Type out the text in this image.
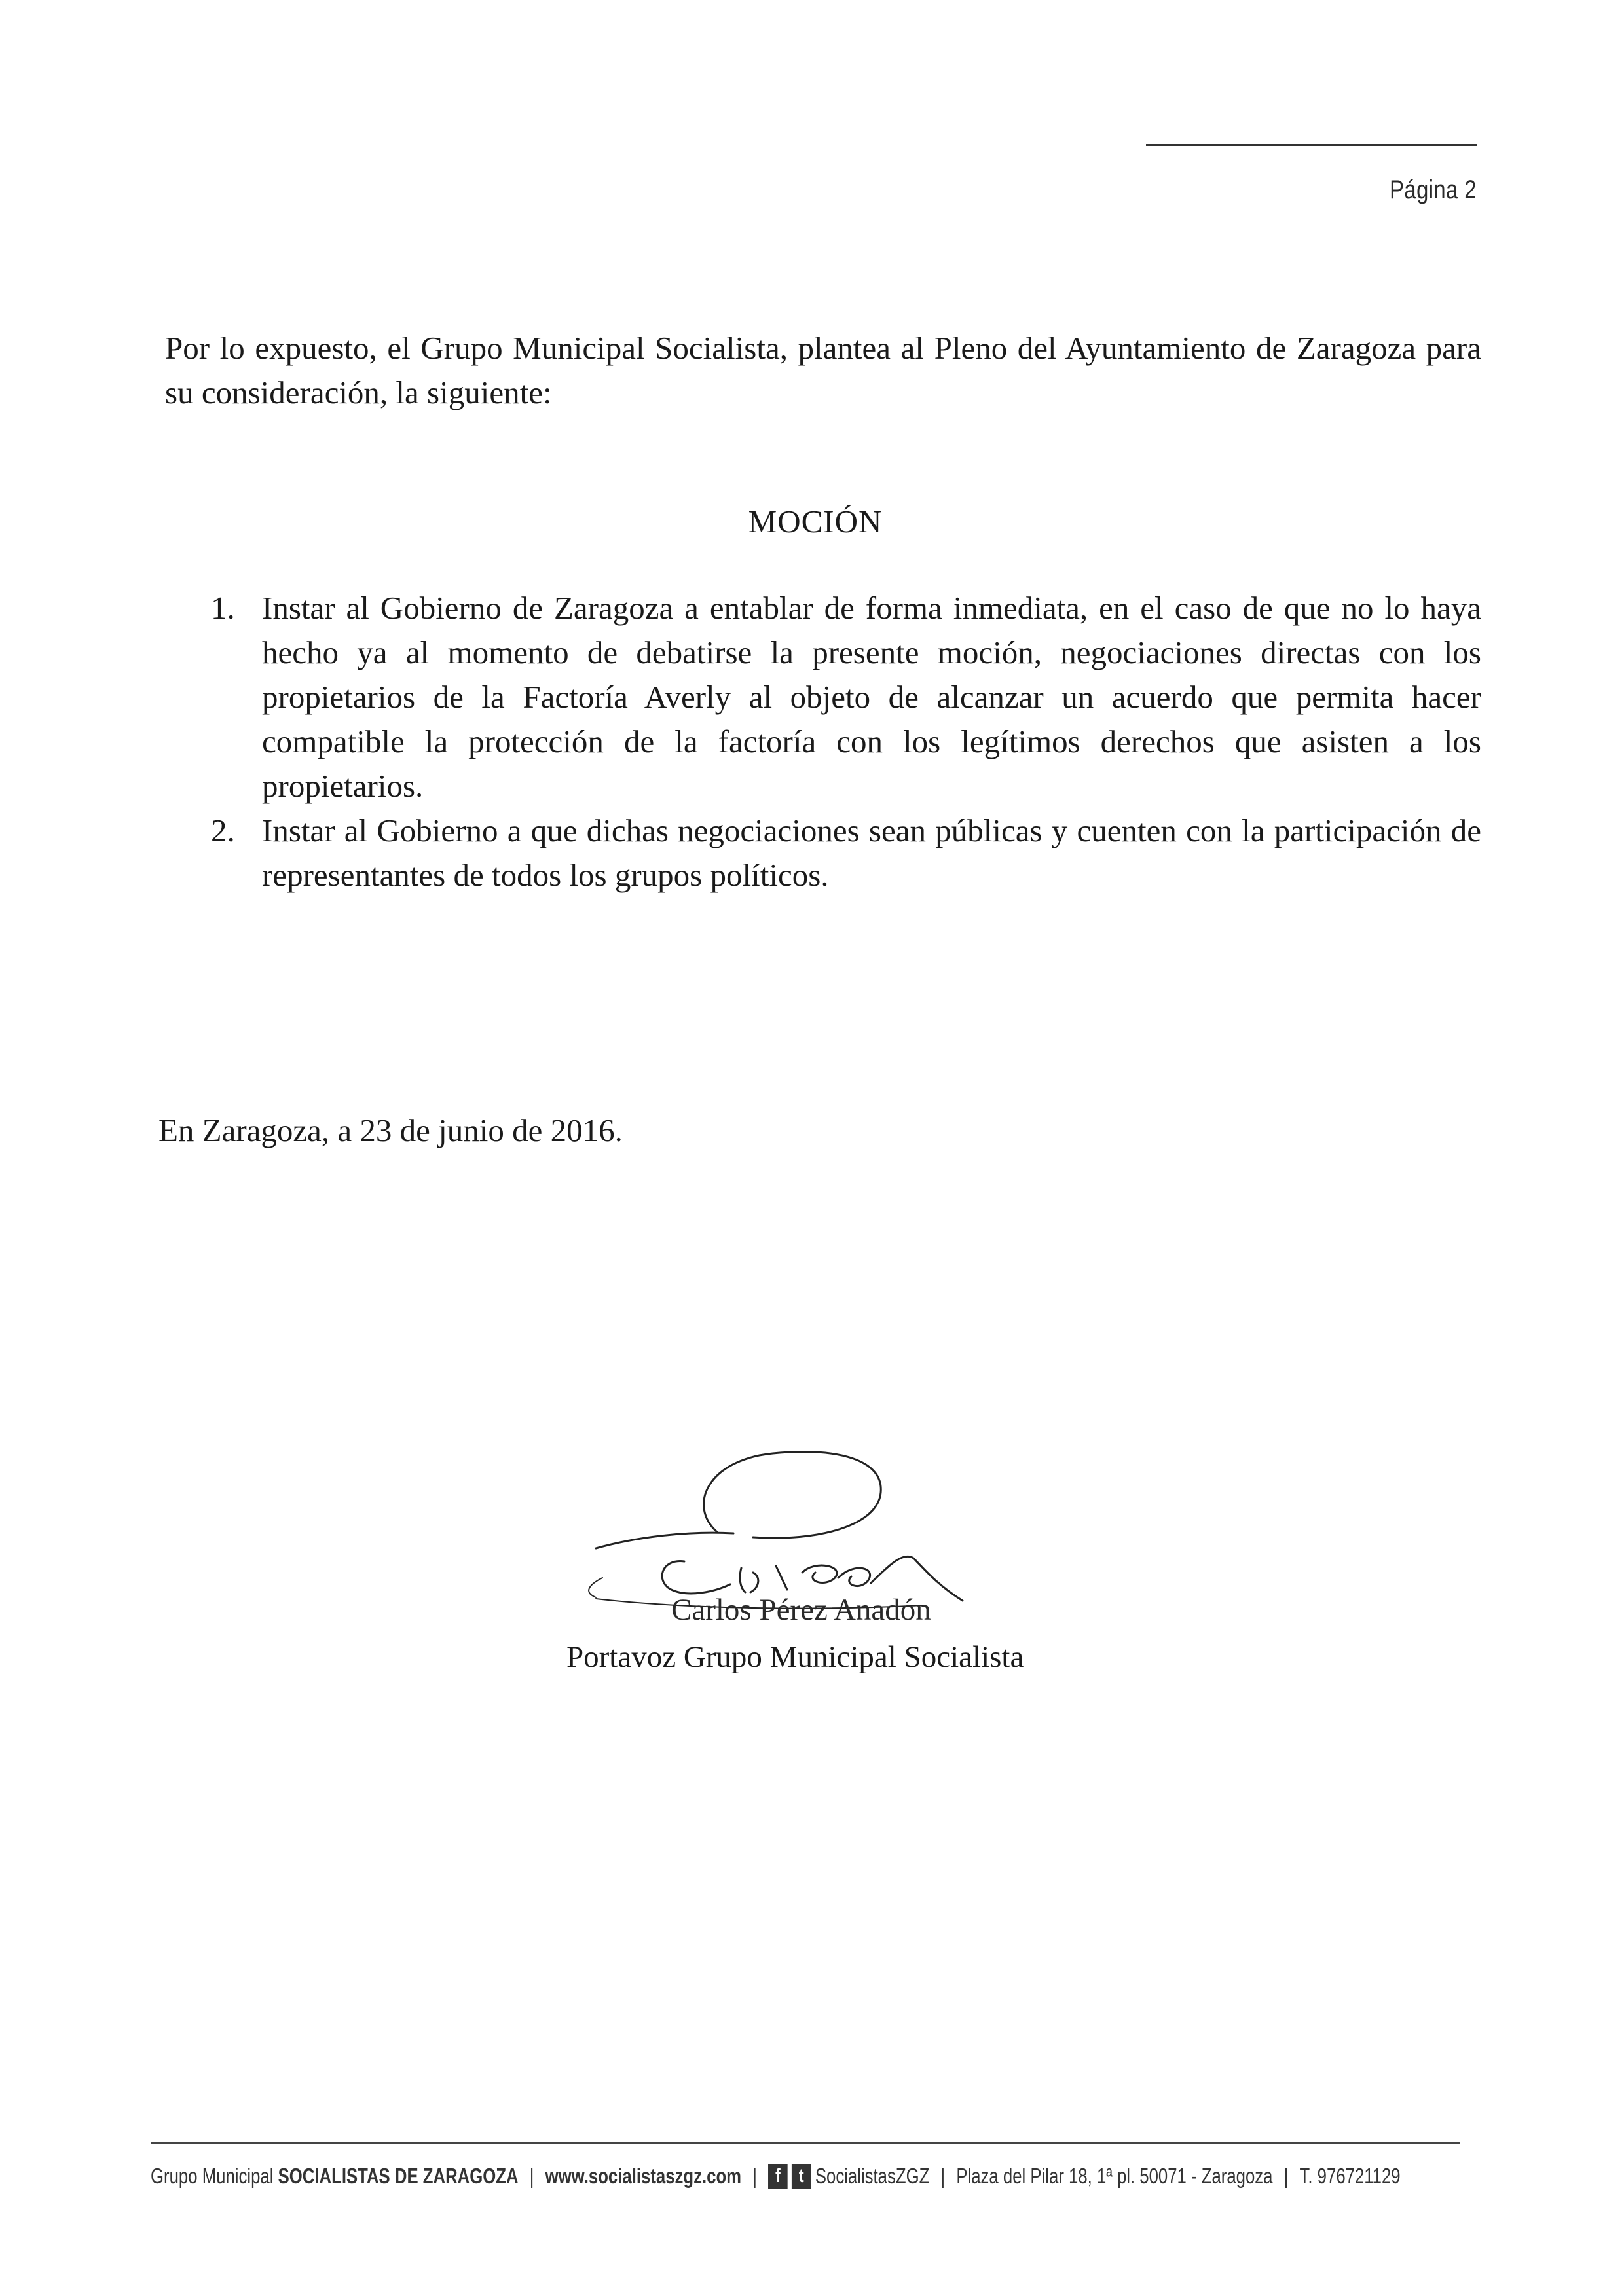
Página 2

Por lo expuesto, el Grupo Municipal Socialista, plantea al Pleno del Ayuntamiento de Zaragoza para su consideración, la siguiente:

MOCIÓN
1. Instar al Gobierno de Zaragoza a entablar de forma inmediata, en el caso de que no lo haya hecho ya al momento de debatirse la presente moción, negociaciones directas con los propietarios de la Factoría Averly al objeto de alcanzar un acuerdo que permita hacer compatible la protección de la factoría con los legítimos derechos que asisten a los propietarios.
2. Instar al Gobierno a que dichas negociaciones sean públicas y cuenten con la participación de representantes de todos los grupos políticos.
En Zaragoza, a 23 de junio de 2016.
Carlos Pérez Anadón
Portavoz Grupo Municipal Socialista
Grupo Municipal
SOCIALISTAS DE ZARAGOZA | www.socialistaszgz.com | f t SocialistasZGZ | Plaza del Pilar 18, 1ª pl. 50071 - Zaragoza | T. 976721129
